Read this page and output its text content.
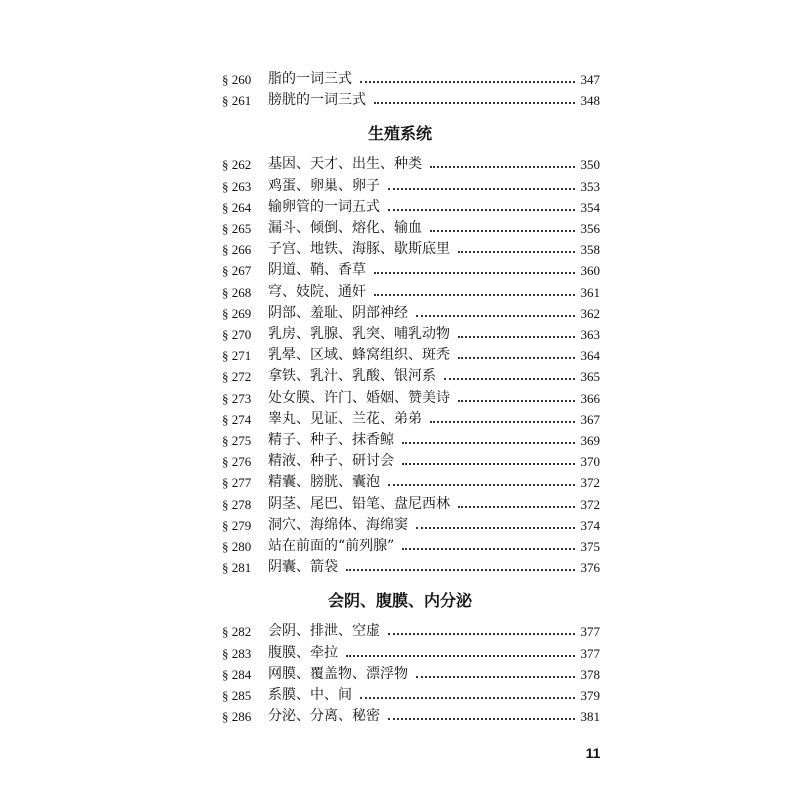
§ 260	脂的一词三式	347
§ 261	膀胱的一词三式	348
生殖系统
§ 262	基因、天才、出生、种类	350
§ 263	鸡蛋、卵巢、卵子	353
§ 264	输卵管的一词五式	354
§ 265	漏斗、倾倒、熔化、输血	356
§ 266	子宫、地铁、海豚、歇斯底里	358
§ 267	阴道、鞘、香草	360
§ 268	穹、妓院、通奸	361
§ 269	阴部、羞耻、阴部神经	362
§ 270	乳房、乳腺、乳突、哺乳动物	363
§ 271	乳晕、区域、蜂窝组织、斑秃	364
§ 272	拿铁、乳汁、乳酸、银河系	365
§ 273	处女膜、许门、婚姻、赞美诗	366
§ 274	睾丸、见证、兰花、弟弟	367
§ 275	精子、种子、抹香鲸	369
§ 276	精液、种子、研讨会	370
§ 277	精囊、膀胱、囊泡	372
§ 278	阴茎、尾巴、铅笔、盘尼西林	372
§ 279	洞穴、海绵体、海绵窦	374
§ 280	站在前面的“前列腺”	375
§ 281	阴囊、箭袋	376
会阴、腹膜、内分泌
§ 282	会阴、排泄、空虚	377
§ 283	腹膜、牵拉	377
§ 284	网膜、覆盖物、漂浮物	378
§ 285	系膜、中、间	379
§ 286	分泌、分离、秘密	381
11
